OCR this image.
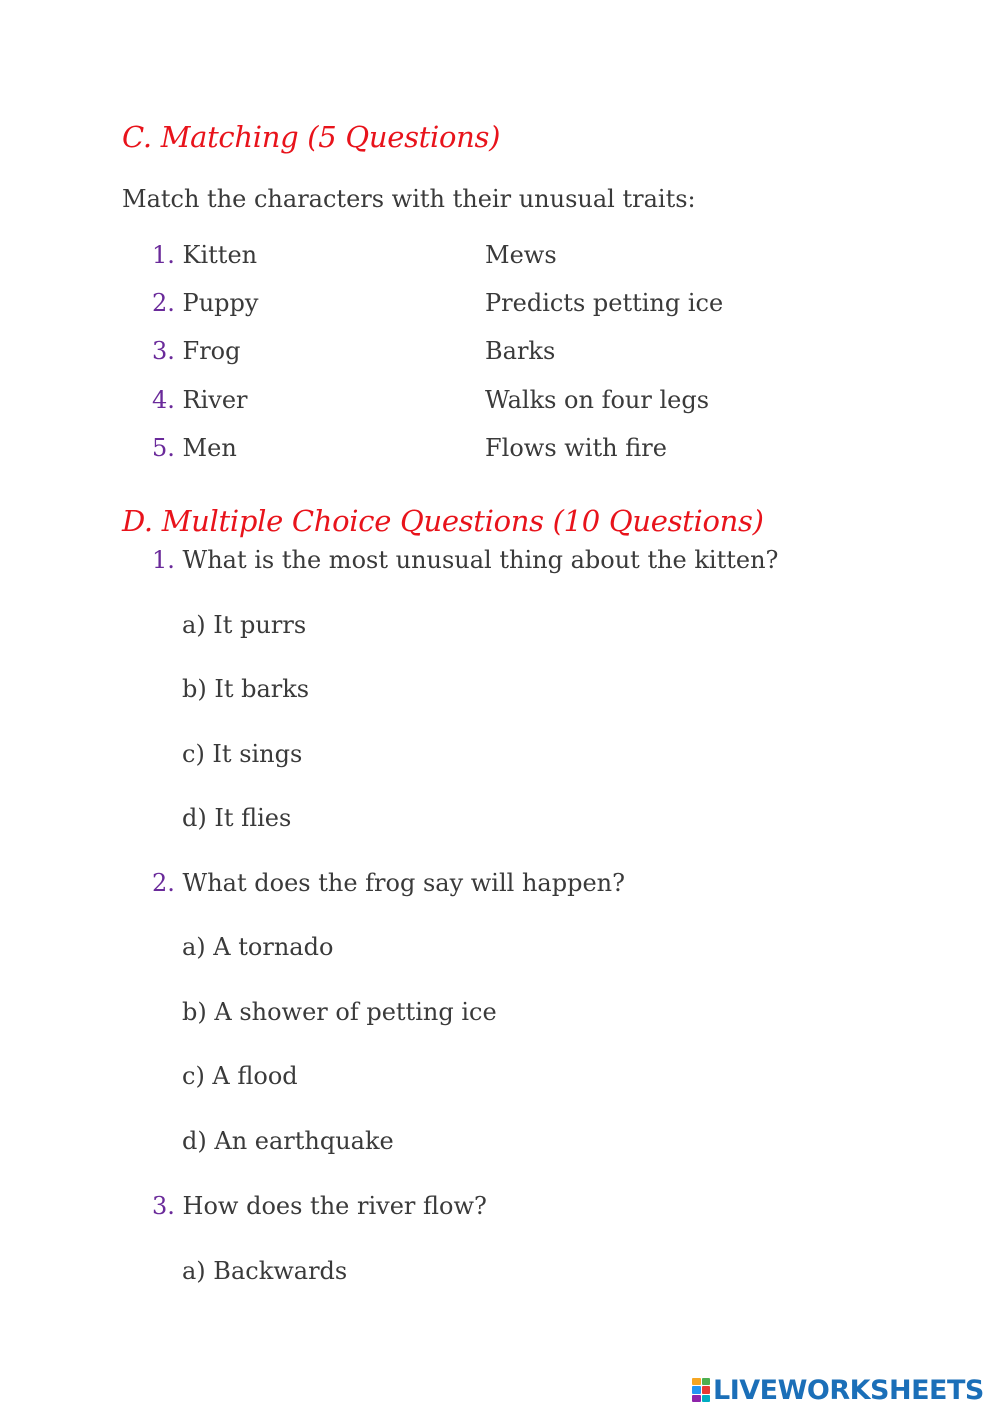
C. Matching (5 Questions)
Match the characters with their unusual traits:
1. Kitten	Mews
2. Puppy	Predicts petting ice
3. Frog	Barks
4. River	Walks on four legs
5. Men	Flows with fire
D. Multiple Choice Questions (10 Questions)
1. What is the most unusual thing about the kitten?
a) It purrs
b) It barks
c) It sings
d) It flies
2. What does the frog say will happen?
a) A tornado
b) A shower of petting ice
c) A flood
d) An earthquake
3. How does the river flow?
a) Backwards
LIVEWORKSHEETS
